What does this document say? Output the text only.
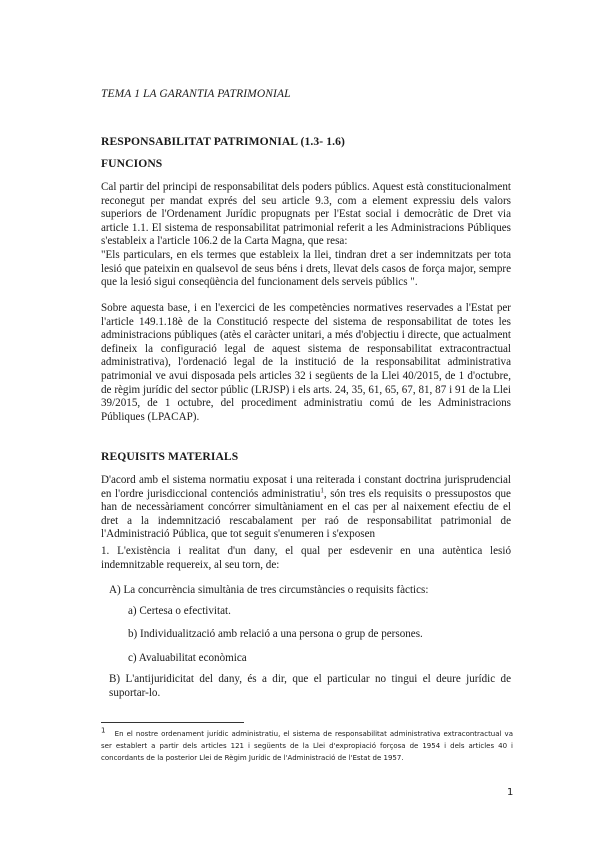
TEMA 1 LA GARANTIA PATRIMONIAL
RESPONSABILITAT PATRIMONIAL (1.3- 1.6)
FUNCIONS
Cal partir del principi de responsabilitat dels poders públics. Aquest està constitucionalment reconegut per mandat exprés del seu article 9.3, com a element expressiu dels valors superiors de l'Ordenament Jurídic propugnats per l'Estat social i democràtic de Dret via article 1.1. El sistema de responsabilitat patrimonial referit a les Administracions Públiques s'estableix a l'article 106.2 de la Carta Magna, que resa:
"Els particulars, en els termes que estableix la llei, tindran dret a ser indemnitzats per tota lesió que pateixin en qualsevol de seus béns i drets, llevat dels casos de força major, sempre que la lesió sigui conseqüència del funcionament dels serveis públics ".
Sobre aquesta base, i en l'exercici de les competències normatives reservades a l'Estat per l'article 149.1.18è de la Constitució respecte del sistema de responsabilitat de totes les administracions públiques (atès el caràcter unitari, a més d'objectiu i directe, que actualment defineix la configuració legal de aquest sistema de responsabilitat extracontractual administrativa), l'ordenació legal de la institució de la responsabilitat administrativa patrimonial ve avui disposada pels articles 32 i següents de la Llei 40/2015, de 1 d'octubre, de règim jurídic del sector públic (LRJSP) i els arts. 24, 35, 61, 65, 67, 81, 87 i 91 de la Llei 39/2015, de 1 octubre, del procediment administratiu comú de les Administracions Públiques (LPACAP).
REQUISITS MATERIALS
D'acord amb el sistema normatiu exposat i una reiterada i constant doctrina jurisprudencial en l'ordre jurisdiccional contenciós administratiu$^1$, són tres els requisits o pressupostos que han de necessàriament concórrer simultàniament en el cas per al naixement efectiu de el dret a la indemnització rescabalament per raó de responsabilitat patrimonial de l'Administració Pública, que tot seguit s'enumeren i s'exposen
1. L'existència i realitat d'un dany, el qual per esdevenir en una autèntica lesió indemnitzable requereix, al seu torn, de:
A) La concurrència simultània de tres circumstàncies o requisits fàctics:
a) Certesa o efectivitat.
b) Individualització amb relació a una persona o grup de persones.
c) Avaluabilitat econòmica
B) L'antijuridicitat del dany, és a dir, que el particular no tingui el deure jurídic de suportar-lo.
$^1$ En el nostre ordenament jurídic administratiu, el sistema de responsabilitat administrativa extracontractual va ser establert a partir dels articles 121 i següents de la Llei d'expropiació forçosa de 1954 i dels articles 40 i concordants de la posterior Llei de Règim Jurídic de l'Administració de l'Estat de 1957.
1
